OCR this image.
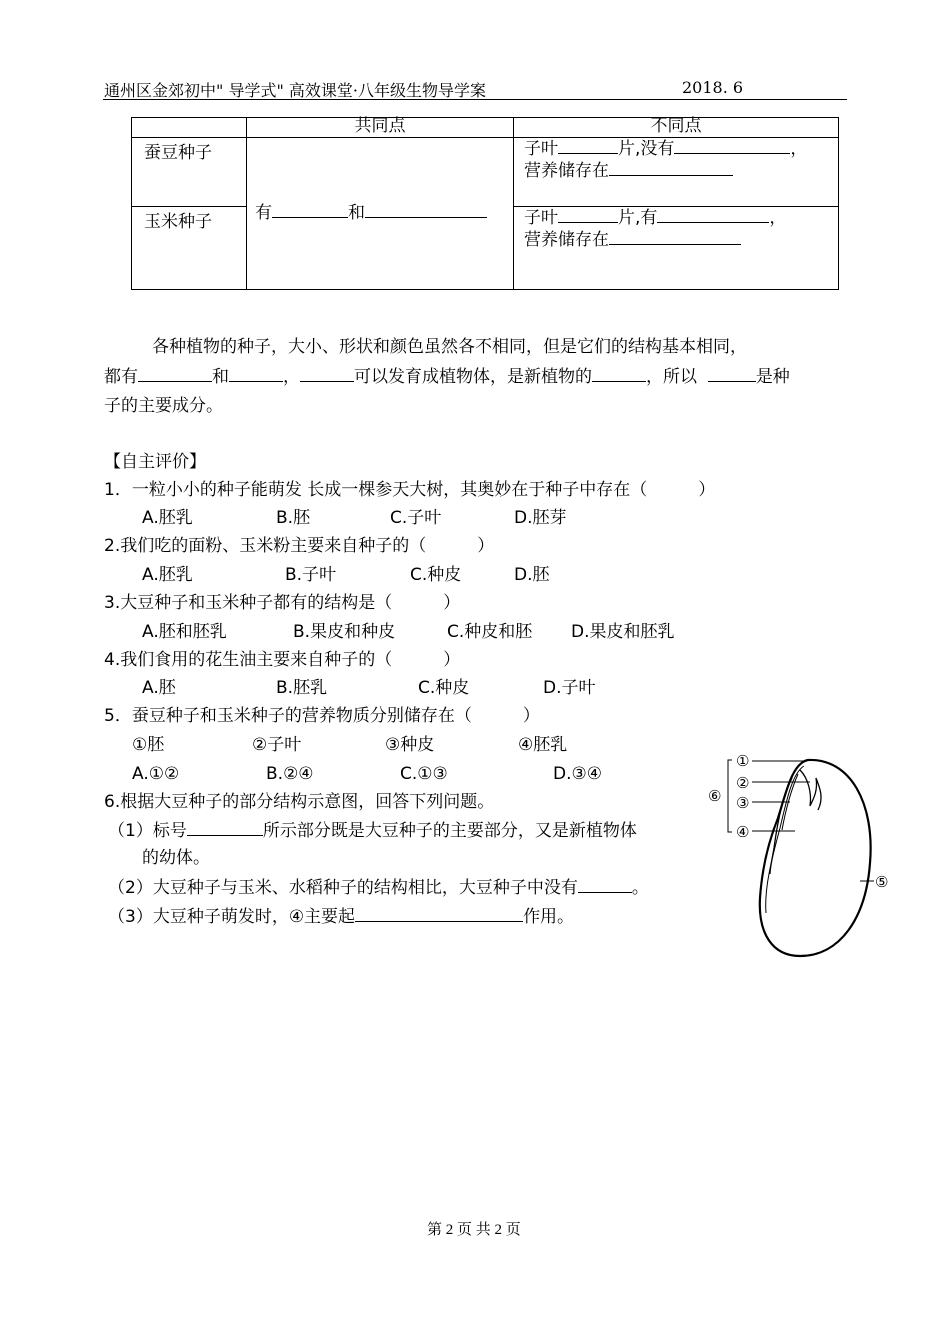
通州区金郊初中" 导学式" 高效课堂·八年级生物导学案	2018. 6
	共同点	不同点
蚕豆种子	有 和	子叶 片,没有 ，
营养储存在

玉米种子		子叶 片,有 ，
营养储存在
各种植物的种子，大小、形状和颜色虽然各不相同，但是它们的结构基本相同，
都有	和	，	可以发育成植物体，是新植物的	，所以	是种
子的主要成分。
【自主评价】
1．一粒小小的种子能萌发 长成一棵参天大树，其奥妙在于种子中存在（　　　）
A.胚乳	B.胚	C.子叶	D.胚芽
2.我们吃的面粉、玉米粉主要来自种子的（　　　）
A.胚乳	B.子叶	C.种皮	D.胚
3.大豆种子和玉米种子都有的结构是（　　　）
A.胚和胚乳	B.果皮和种皮	C.种皮和胚 D.果皮和胚乳
4.我们食用的花生油主要来自种子的（　　　）
A.胚	B.胚乳	C.种皮	D.子叶
5．蚕豆种子和玉米种子的营养物质分别储存在（　　　）
①胚	②子叶	③种皮	④胚乳
A.①②	B.②④	C.①③	D.③④
6.根据大豆种子的部分结构示意图，回答下列问题。
（1）标号	所示部分既是大豆种子的主要部分，又是新植物体
的幼体。
（2）大豆种子与玉米、水稻种子的结构相比，大豆种子中没有	。
（3）大豆种子萌发时，④主要起	作用。
①
②
③
④
⑤
⑥
第 2 页 共 2 页
